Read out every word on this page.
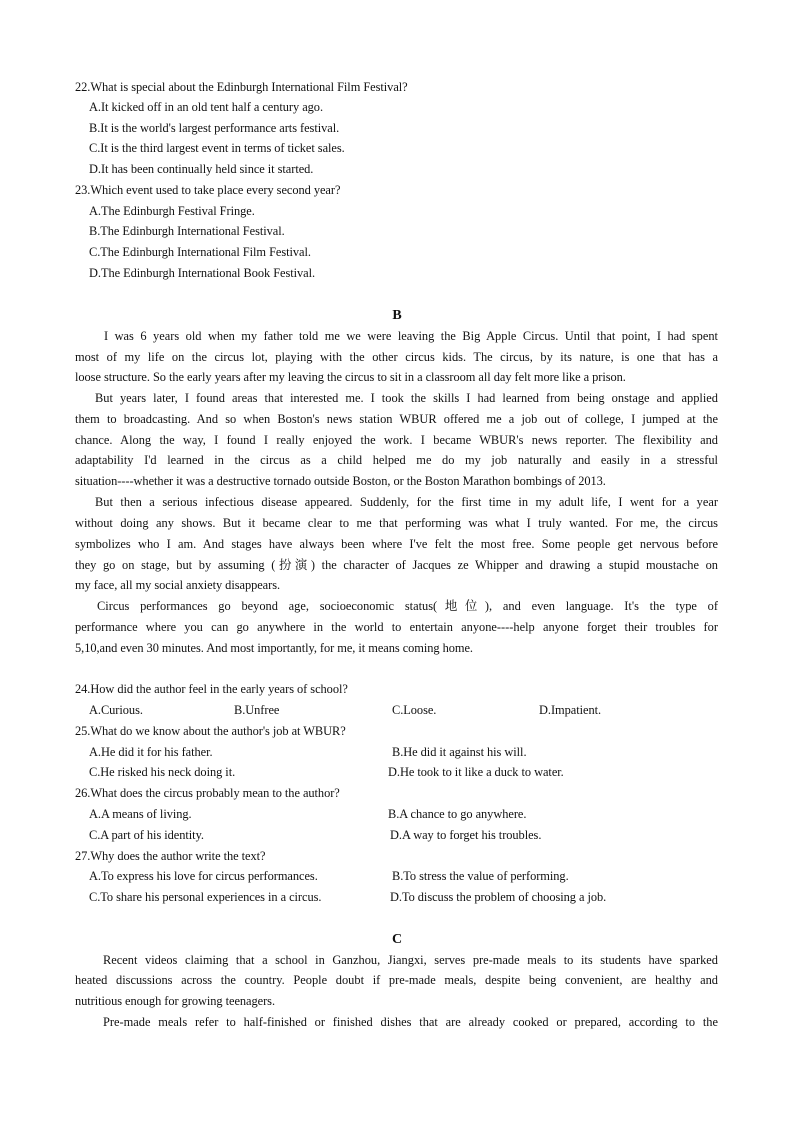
22.What is special about the Edinburgh International Film Festival?
A.It kicked off in an old tent half a century ago.
B.It is the world's largest performance arts festival.
C.It is the third largest event in terms of ticket sales.
D.It has been continually held since it started.
23.Which event used to take place every second year?
A.The Edinburgh Festival Fringe.
B.The Edinburgh International Festival.
C.The Edinburgh International Film Festival.
D.The Edinburgh International Book Festival.
B
I was 6 years old when my father told me we were leaving the Big Apple Circus. Until that point, I had spent
most of my life on the circus lot, playing with the other circus kids. The circus, by its nature, is one that has a
loose structure. So the early years after my leaving the circus to sit in a classroom all day felt more like a prison.
But years later, I found areas that interested me. I took the skills I had learned from being onstage and applied
them to broadcasting. And so when Boston's news station WBUR offered me a job out of college, I jumped at the
chance. Along the way, I found I really enjoyed the work. I became WBUR's news reporter. The flexibility and
adaptability I'd learned in the circus as a child helped me do my job naturally and easily in a stressful
situation----whether it was a destructive tornado outside Boston, or the Boston Marathon bombings of 2013.
But then a serious infectious disease appeared. Suddenly, for the first time in my adult life, I went for a year
without doing any shows. But it became clear to me that performing was what I truly wanted. For me, the circus
symbolizes who I am. And stages have always been where I've felt the most free. Some people get nervous before
they go on stage, but by assuming (扮演) the character of Jacques ze Whipper and drawing a stupid moustache on
my face, all my social anxiety disappears.
Circus performances go beyond age, socioeconomic status(地位), and even language. It's the type of
performance where you can go anywhere in the world to entertain anyone----help anyone forget their troubles for
5,10,and even 30 minutes. And most importantly, for me, it means coming home.
24.How did the author feel in the early years of school?
A.Curious.	B.Unfree	C.Loose.	D.Impatient.
25.What do we know about the author's job at WBUR?
A.He did it for his father.	B.He did it against his will.
C.He risked his neck doing it.	D.He took to it like a duck to water.
26.What does the circus probably mean to the author?
A.A means of living.	B.A chance to go anywhere.
C.A part of his identity.	D.A way to forget his troubles.
27.Why does the author write the text?
A.To express his love for circus performances.	B.To stress the value of performing.
C.To share his personal experiences in a circus.	D.To discuss the problem of choosing a job.
C
Recent videos claiming that a school in Ganzhou, Jiangxi, serves pre-made meals to its students have sparked
heated discussions across the country. People doubt if pre-made meals, despite being convenient, are healthy and
nutritious enough for growing teenagers.
Pre-made meals refer to half-finished or finished dishes that are already cooked or prepared, according to the
